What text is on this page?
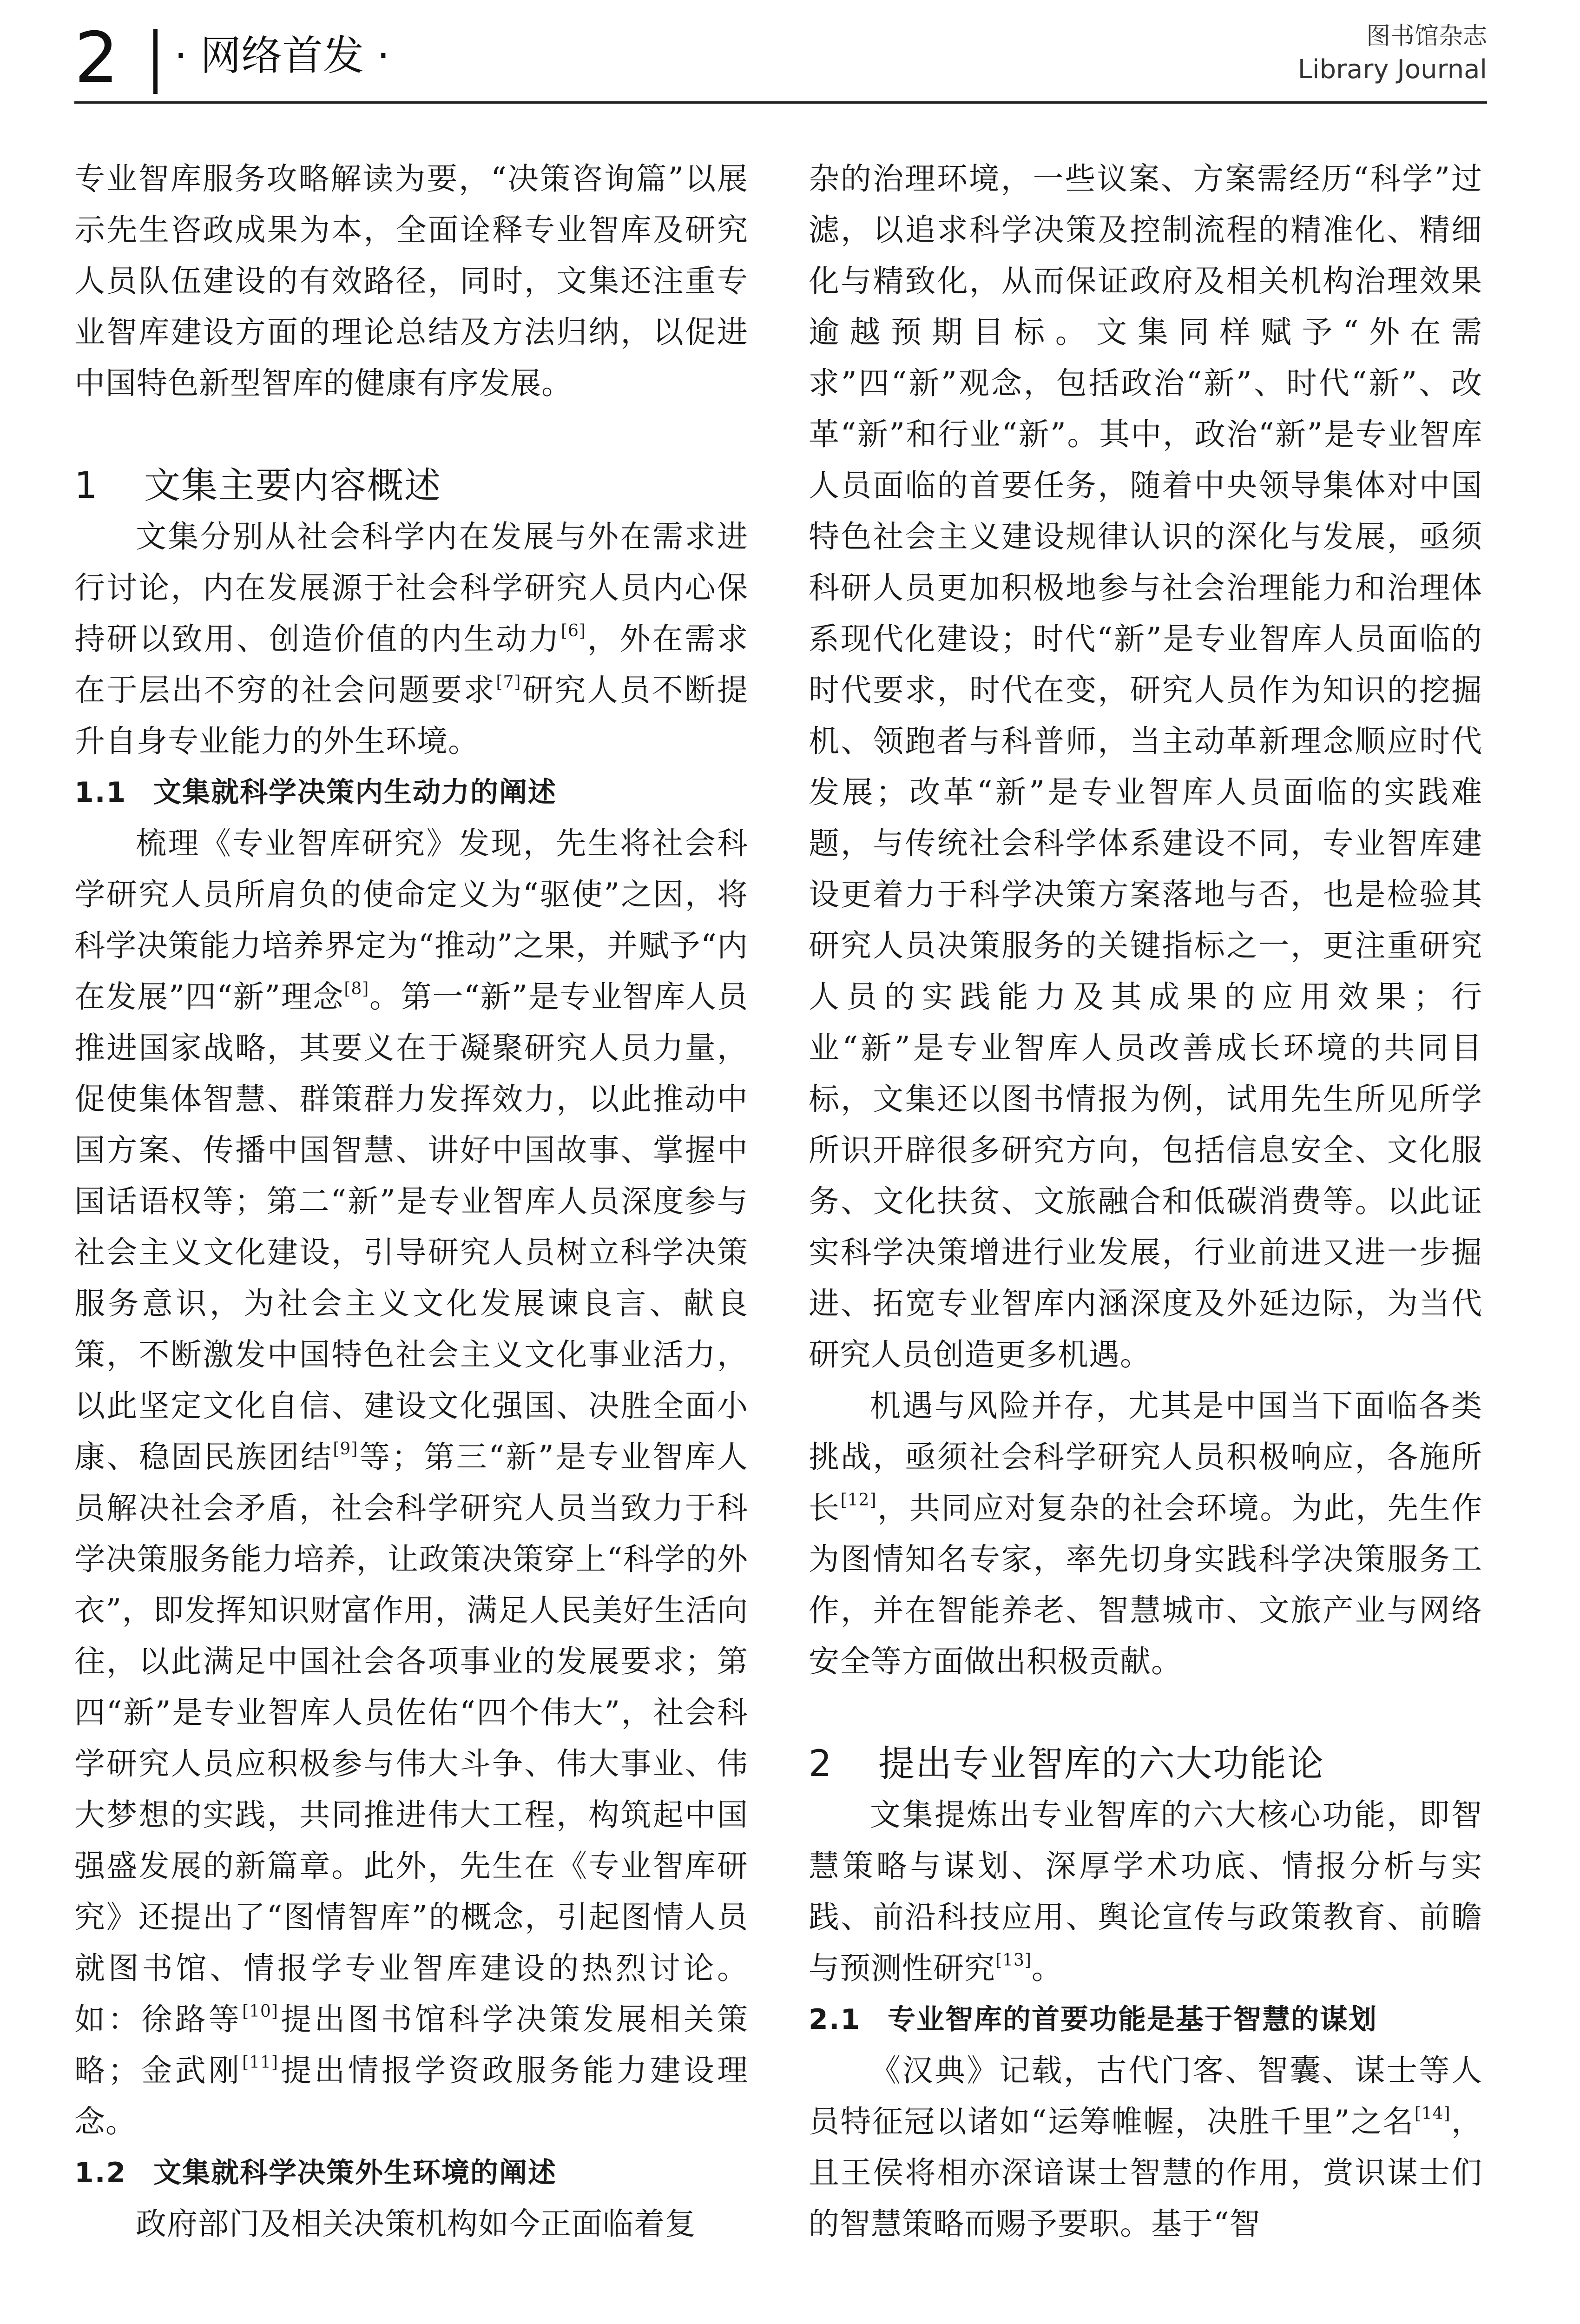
2 · 网络首发 ·	图书馆杂志
Library Journal

专业智库服务攻略解读为要，“决策咨询篇”以展示先生咨政成果为本，全面诠释专业智库及研究人员队伍建设的有效路径，同时，文集还注重专业智库建设方面的理论总结及方法归纳，以促进中国特色新型智库的健康有序发展。

1 文集主要内容概述

文集分别从社会科学内在发展与外在需求进行讨论，内在发展源于社会科学研究人员内心保持研以致用、创造价值的内生动力[6]，外在需求在于层出不穷的社会问题要求[7]研究人员不断提升自身专业能力的外生环境。

1.1 文集就科学决策内生动力的阐述

梳理《专业智库研究》发现，先生将社会科学研究人员所肩负的使命定义为“驱使”之因，将科学决策能力培养界定为“推动”之果，并赋予“内在发展”四“新”理念[8]。第一“新”是专业智库人员推进国家战略，其要义在于凝聚研究人员力量，促使集体智慧、群策群力发挥效力，以此推动中国方案、传播中国智慧、讲好中国故事、掌握中国话语权等；第二“新”是专业智库人员深度参与社会主义文化建设，引导研究人员树立科学决策服务意识，为社会主义文化发展谏良言、献良策，不断激发中国特色社会主义文化事业活力，以此坚定文化自信、建设文化强国、决胜全面小康、稳固民族团结[9]等；第三“新”是专业智库人员解决社会矛盾，社会科学研究人员当致力于科学决策服务能力培养，让政策决策穿上“科学的外衣”，即发挥知识财富作用，满足人民美好生活向往，以此满足中国社会各项事业的发展要求；第四“新”是专业智库人员佐佑“四个伟大”，社会科学研究人员应积极参与伟大斗争、伟大事业、伟大梦想的实践，共同推进伟大工程，构筑起中国强盛发展的新篇章。此外，先生在《专业智库研究》还提出了“图情智库”的概念，引起图情人员就图书馆、情报学专业智库建设的热烈讨论。如：徐路等[10]提出图书馆科学决策发展相关策略；金武刚[11]提出情报学资政服务能力建设理念。

1.2 文集就科学决策外生环境的阐述

政府部门及相关决策机构如今正面临着复

杂的治理环境，一些议案、方案需经历“科学”过滤，以追求科学决策及控制流程的精准化、精细化与精致化，从而保证政府及相关机构治理效果逾越预期目标。文集同样赋予“外在需求”四“新”观念，包括政治“新”、时代“新”、改革“新”和行业“新”。其中，政治“新”是专业智库人员面临的首要任务，随着中央领导集体对中国特色社会主义建设规律认识的深化与发展，亟须科研人员更加积极地参与社会治理能力和治理体系现代化建设；时代“新”是专业智库人员面临的时代要求，时代在变，研究人员作为知识的挖掘机、领跑者与科普师，当主动革新理念顺应时代发展；改革“新”是专业智库人员面临的实践难题，与传统社会科学体系建设不同，专业智库建设更着力于科学决策方案落地与否，也是检验其研究人员决策服务的关键指标之一，更注重研究人员的实践能力及其成果的应用效果；行业“新”是专业智库人员改善成长环境的共同目标，文集还以图书情报为例，试用先生所见所学所识开辟很多研究方向，包括信息安全、文化服务、文化扶贫、文旅融合和低碳消费等。以此证实科学决策增进行业发展，行业前进又进一步掘进、拓宽专业智库内涵深度及外延边际，为当代研究人员创造更多机遇。

机遇与风险并存，尤其是中国当下面临各类挑战，亟须社会科学研究人员积极响应，各施所长[12]，共同应对复杂的社会环境。为此，先生作为图情知名专家，率先切身实践科学决策服务工作，并在智能养老、智慧城市、文旅产业与网络安全等方面做出积极贡献。

2 提出专业智库的六大功能论

文集提炼出专业智库的六大核心功能，即智慧策略与谋划、深厚学术功底、情报分析与实践、前沿科技应用、舆论宣传与政策教育、前瞻与预测性研究[13]。

2.1 专业智库的首要功能是基于智慧的谋划

《汉典》记载，古代门客、智囊、谋士等人员特征冠以诸如“运筹帷幄，决胜千里”之名[14]，且王侯将相亦深谙谋士智慧的作用，赏识谋士们的智慧策略而赐予要职。基于“智
